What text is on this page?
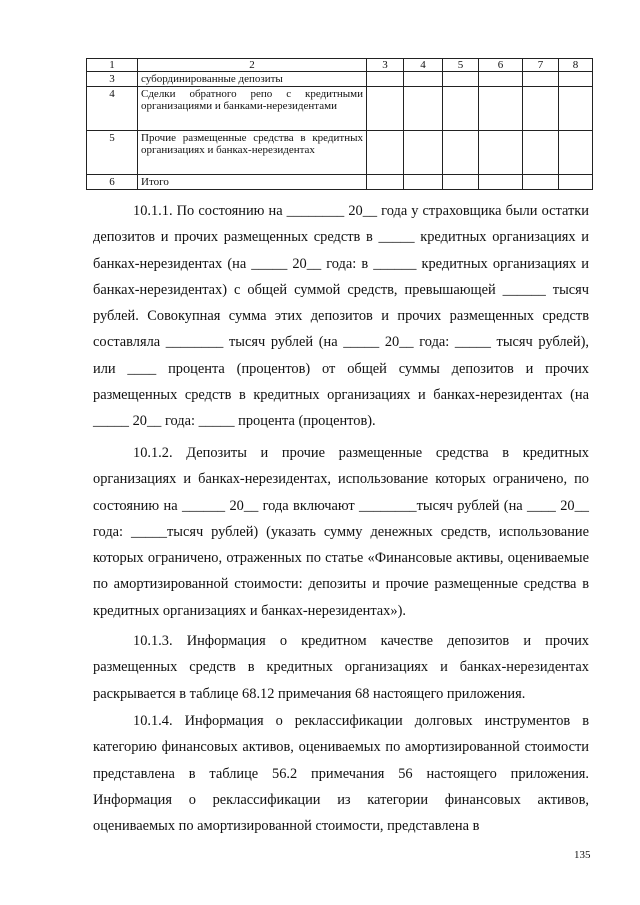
1	2	3	4	5	6	7	8
3	субординированные депозиты						
4	Сделки обратного репо с кредитными организациями и банками-нерезидентами						
5	Прочие размещенные средства в кредитных организациях и банках-нерезидентах						
6	Итого						

10.1.1. По состоянию на ________ 20__ года у страховщика были остатки депозитов и прочих размещенных средств в _____ кредитных организациях и банках-нерезидентах (на _____ 20__ года: в ______ кредитных организациях и банках-нерезидентах) с общей суммой средств, превышающей ______ тысяч рублей. Совокупная сумма этих депозитов и прочих размещенных средств составляла ________ тысяч рублей (на _____ 20__ года: _____ тысяч рублей), или ____ процента (процентов) от общей суммы депозитов и прочих размещенных средств в кредитных организациях и банках-нерезидентах (на _____ 20__ года: _____ процента (процентов).

10.1.2. Депозиты и прочие размещенные средства в кредитных организациях и банках-нерезидентах, использование которых ограничено, по состоянию на ______ 20__ года включают ________тысяч рублей (на ____ 20__ года: _____тысяч рублей) (указать сумму денежных средств, использование которых ограничено, отраженных по статье «Финансовые активы, оцениваемые по амортизированной стоимости: депозиты и прочие размещенные средства в кредитных организациях и банках-нерезидентах»).

10.1.3. Информация о кредитном качестве депозитов и прочих размещенных средств в кредитных организациях и банках-нерезидентах раскрывается в таблице 68.12 примечания 68 настоящего приложения.

10.1.4. Информация о реклассификации долговых инструментов в категорию финансовых активов, оцениваемых по амортизированной стоимости представлена в таблице 56.2 примечания 56 настоящего приложения. Информация о реклассификации из категории финансовых активов, оцениваемых по амортизированной стоимости, представлена в

135
